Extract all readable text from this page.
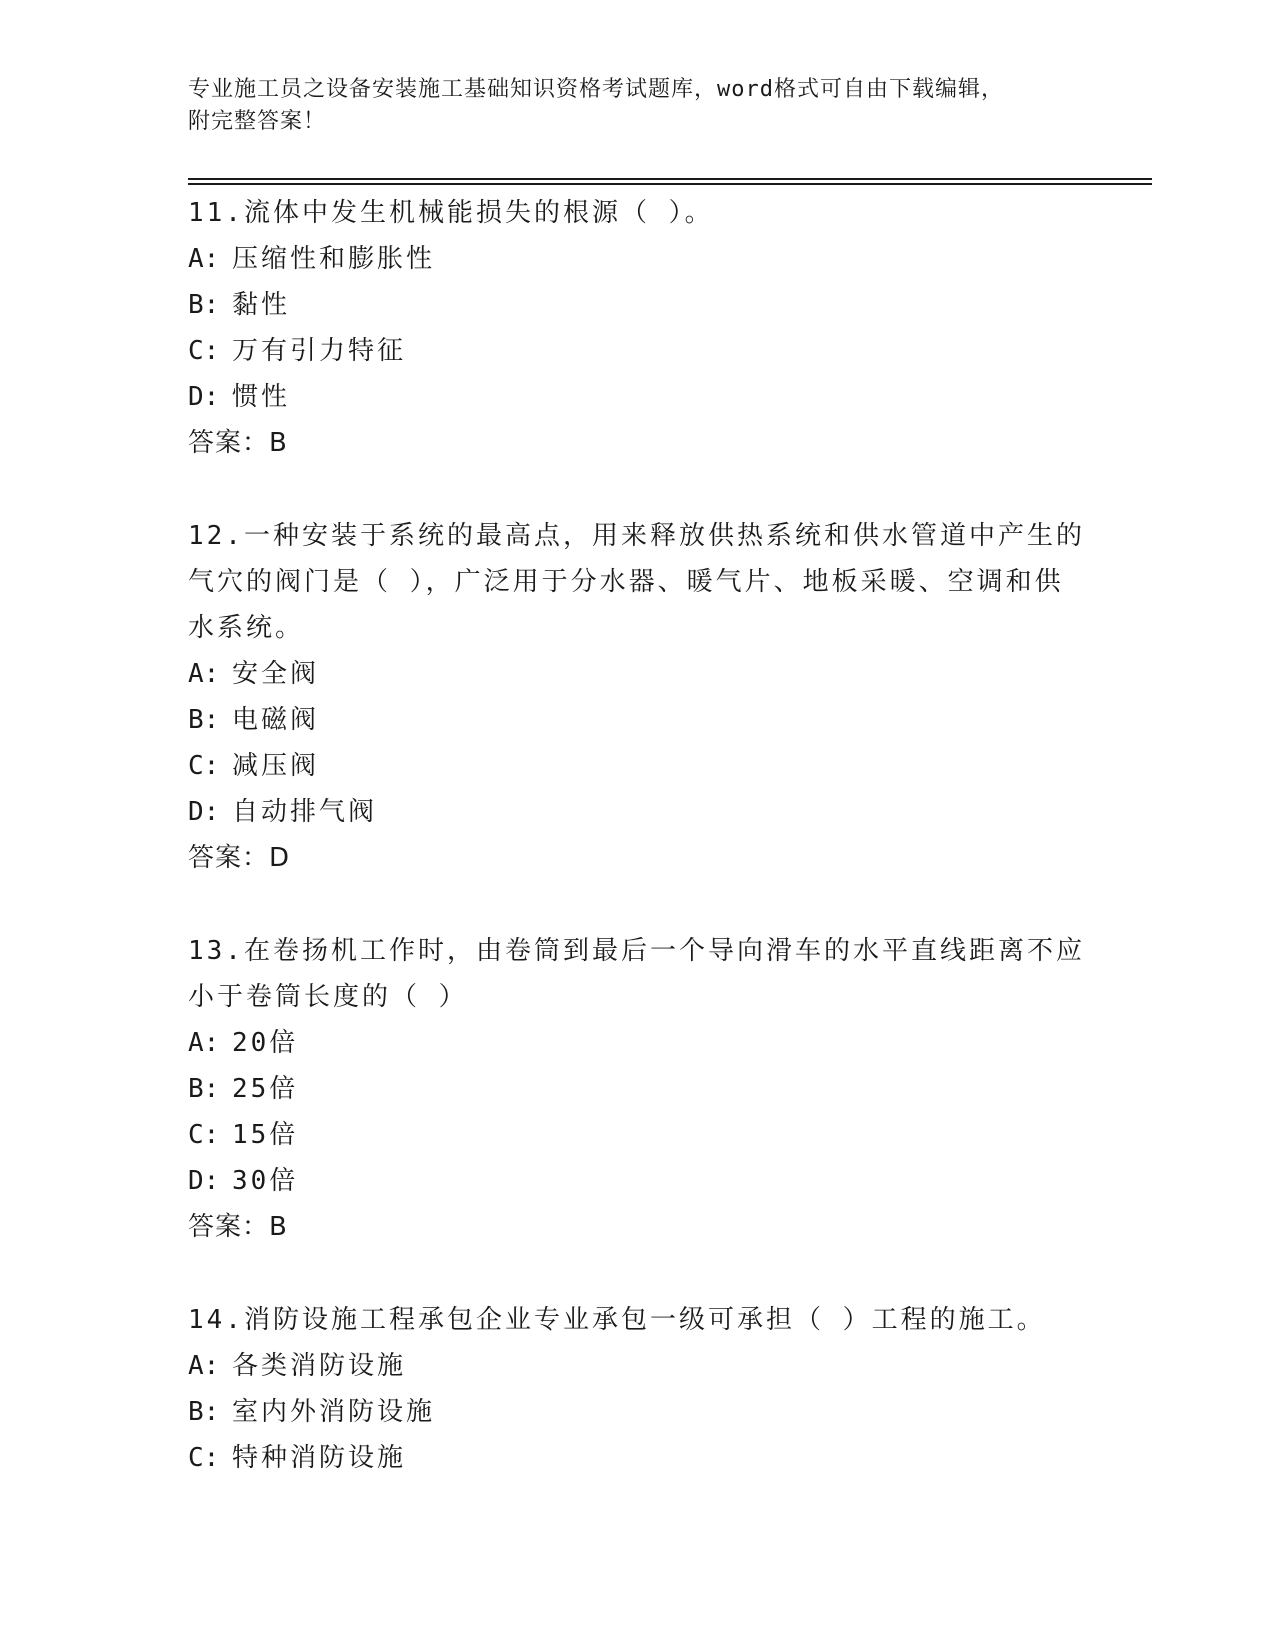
专业施工员之设备安装施工基础知识资格考试题库，word格式可自由下载编辑，
附完整答案！
11.流体中发生机械能损失的根源（ ）。
A: 压缩性和膨胀性
B: 黏性
C: 万有引力特征
D: 惯性
答案：B
12.一种安装于系统的最高点，用来释放供热系统和供水管道中产生的
气穴的阀门是（ ），广泛用于分水器、暖气片、地板采暖、空调和供
水系统。
A: 安全阀
B: 电磁阀
C: 减压阀
D: 自动排气阀
答案：D
13.在卷扬机工作时，由卷筒到最后一个导向滑车的水平直线距离不应
小于卷筒长度的（ ）
A: 20倍
B: 25倍
C: 15倍
D: 30倍
答案：B
14.消防设施工程承包企业专业承包一级可承担（ ）工程的施工。
A: 各类消防设施
B: 室内外消防设施
C: 特种消防设施
